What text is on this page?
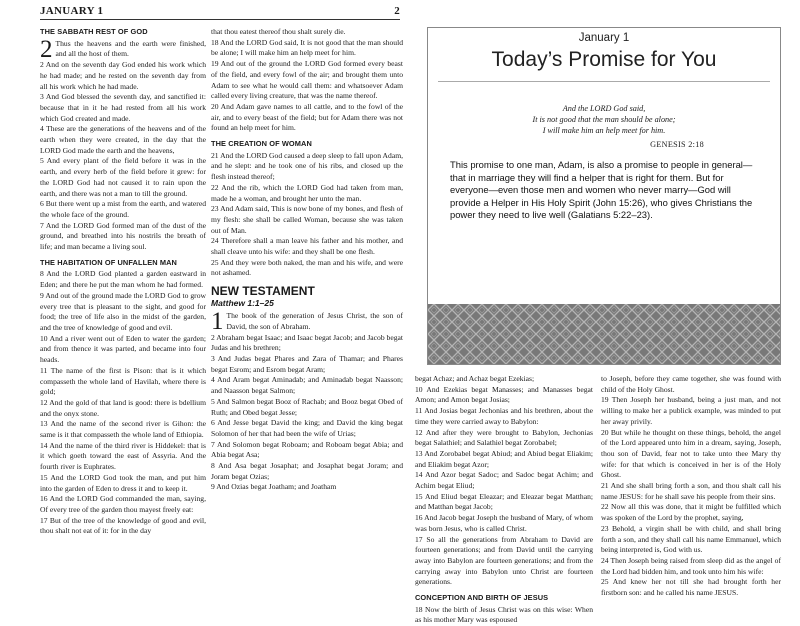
JANUARY 1	2
THE SABBATH REST OF GOD

2 Thus the heavens and the earth were finished, and all the host of them.

2 And on the seventh day God ended his work which he had made; and he rested on the seventh day from all his work which he had made.

3 And God blessed the seventh day, and sanctified it: because that in it he had rested from all his work which God created and made.

4 These are the generations of the heavens and of the earth when they were created, in the day that the LORD God made the earth and the heavens,

5 And every plant of the field before it was in the earth, and every herb of the field before it grew: for the LORD God had not caused it to rain upon the earth, and there was not a man to till the ground.

6 But there went up a mist from the earth, and watered the whole face of the ground.

7 And the LORD God formed man of the dust of the ground, and breathed into his nostrils the breath of life; and man became a living soul.

THE HABITATION OF UNFALLEN MAN

8 And the LORD God planted a garden eastward in Eden; and there he put the man whom he had formed.

9 And out of the ground made the LORD God to grow every tree that is pleasant to the sight, and good for food; the tree of life also in the midst of the garden, and the tree of knowledge of good and evil.

10 And a river went out of Eden to water the garden; and from thence it was parted, and became into four heads.

11 The name of the first is Pison: that is it which compasseth the whole land of Havilah, where there is gold;

12 And the gold of that land is good: there is bdellium and the onyx stone.

13 And the name of the second river is Gihon: the same is it that compasseth the whole land of Ethiopia.

14 And the name of the third river is Hiddekel: that is it which goeth toward the east of Assyria. And the fourth river is Euphrates.

15 And the LORD God took the man, and put him into the garden of Eden to dress it and to keep it.

16 And the LORD God commanded the man, saying, Of every tree of the garden thou mayest freely eat:

17 But of the tree of the knowledge of good and evil, thou shalt not eat of it: for in the day

that thou eatest thereof thou shalt surely die.

18 And the LORD God said, It is not good that the man should be alone; I will make him an help meet for him.

19 And out of the ground the LORD God formed every beast of the field, and every fowl of the air; and brought them unto Adam to see what he would call them: and whatsoever Adam called every living creature, that was the name thereof.

20 And Adam gave names to all cattle, and to the fowl of the air, and to every beast of the field; but for Adam there was not found an help meet for him.

THE CREATION OF WOMAN

21 And the LORD God caused a deep sleep to fall upon Adam, and he slept: and he took one of his ribs, and closed up the flesh instead thereof;

22 And the rib, which the LORD God had taken from man, made he a woman, and brought her unto the man.

23 And Adam said, This is now bone of my bones, and flesh of my flesh: she shall be called Woman, because she was taken out of Man.

24 Therefore shall a man leave his father and his mother, and shall cleave unto his wife: and they shall be one flesh.

25 And they were both naked, the man and his wife, and were not ashamed.

NEW TESTAMENT
Matthew 1:1–25

1 The book of the generation of Jesus Christ, the son of David, the son of Abraham.

2 Abraham begat Isaac; and Isaac begat Jacob; and Jacob begat Judas and his brethren;

3 And Judas begat Phares and Zara of Thamar; and Phares begat Esrom; and Esrom begat Aram;

4 And Aram begat Aminadab; and Aminadab begat Naasson; and Naasson begat Salmon;

5 And Salmon begat Booz of Rachab; and Booz begat Obed of Ruth; and Obed begat Jesse;

6 And Jesse begat David the king; and David the king begat Solomon of her that had been the wife of Urias;

7 And Solomon begat Roboam; and Roboam begat Abia; and Abia begat Asa;

8 And Asa begat Josaphat; and Josaphat begat Joram; and Joram begat Ozias;

9 And Ozias begat Joatham; and Joatham

January 1
Today’s Promise for You
And the LORD God said,
It is not good that the man should be alone;
I will make him an help meet for him.
GENESIS 2:18
This promise to one man, Adam, is also a promise to people in general—that in marriage they will find a helper that is right for them. But for everyone—even those men and women who never marry—God will provide a Helper in His Holy Spirit (John 15:26), who gives Christians the power they need to live well (Galatians 5:22–23).

begat Achaz; and Achaz begat Ezekias;

10 And Ezekias begat Manasses; and Manasses begat Amon; and Amon begat Josias;

11 And Josias begat Jechonias and his brethren, about the time they were carried away to Babylon:

12 And after they were brought to Babylon, Jechonias begat Salathiel; and Salathiel begat Zorobabel;

13 And Zorobabel begat Abiud; and Abiud begat Eliakim; and Eliakim begat Azor;

14 And Azor begat Sadoc; and Sadoc begat Achim; and Achim begat Eliud;

15 And Eliud begat Eleazar; and Eleazar begat Matthan; and Matthan begat Jacob;

16 And Jacob begat Joseph the husband of Mary, of whom was born Jesus, who is called Christ.

17 So all the generations from Abraham to David are fourteen generations; and from David until the carrying away into Babylon are fourteen generations; and from the carrying away into Babylon unto Christ are fourteen generations.

CONCEPTION AND BIRTH OF JESUS

18 Now the birth of Jesus Christ was on this wise: When as his mother Mary was espoused

to Joseph, before they came together, she was found with child of the Holy Ghost.

19 Then Joseph her husband, being a just man, and not willing to make her a publick example, was minded to put her away privily.

20 But while he thought on these things, behold, the angel of the Lord appeared unto him in a dream, saying, Joseph, thou son of David, fear not to take unto thee Mary thy wife: for that which is conceived in her is of the Holy Ghost.

21 And she shall bring forth a son, and thou shalt call his name JESUS: for he shall save his people from their sins.

22 Now all this was done, that it might be fulfilled which was spoken of the Lord by the prophet, saying,

23 Behold, a virgin shall be with child, and shall bring forth a son, and they shall call his name Emmanuel, which being interpreted is, God with us.

24 Then Joseph being raised from sleep did as the angel of the Lord had bidden him, and took unto him his wife:

25 And knew her not till she had brought forth her firstborn son: and he called his name JESUS.
